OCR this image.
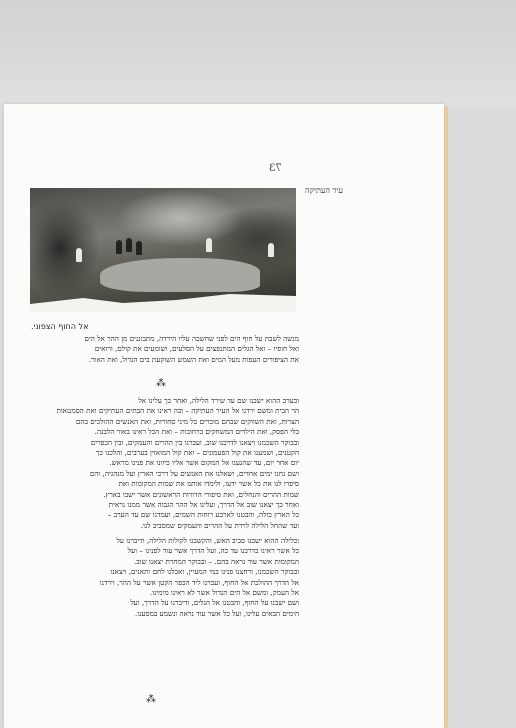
73
עיר העתיקה
אל החוף הצפוני.

מנשה לשבת על חוף הים לפני שחשכה עליו הירדה, מתבוננים מן ההר אל הים

ואל חופיו – ואל הגלים המתנפצים על הסלעים, ושומעים את קולם, ורואים

את הציפורים העפות מעל המים ואת השמש השוקעת בים הגדול, ואת האור.

⁂

ובערב ההוא ישבנו שם עד שירד הלילה, ואחר כך עלינו אל

הר הבית ומשם ירדנו אל העיר העתיקה – ובה ראינו את הבתים העתיקים ואת הסמטאות

הצרות, ואת השווקים שבהם מוכרים כל מיני סחורות, ואת האנשים ההולכים בהם

בלי הפסק, ואת הילדים המשחקים ברחובות – ואת הכל ראינו באור הלבנה.

ובבוקר השכמנו ויצאנו לדרכנו שוב, ועברנו בין ההרים והעמקים, ובין הכפרים

הקטנים, ושמענו את קול הפעמונים – ואת קול המואזין בערבים, והלכנו כך

יום אחר יום, עד שהגענו אל המקום אשר אליו כיוונו את פנינו מראש.

ושם נחנו ימים אחדים, ושאלנו את האנשים על דרכי הארץ ועל מנהגיה, והם

סיפרו לנו את כל אשר ידעו, ולימדו אותנו את שמות המקומות ואת

שמות ההרים והנחלים, ואת סיפורי הדורות הראשונים אשר ישבו בארץ.

ואחר כך יצאנו שוב אל הדרך, ועלינו אל ההר הגבוה אשר ממנו נראית

כל הארץ כולה, והבטנו לארבע רוחות השמים, ועמדנו שם עד הערב –

ועד שהחל הלילה לרדת על ההרים והעמקים שמסביב לנו.

ובלילה ההוא ישבנו סביב האש, והקשבנו לקולות הלילה, ודיברנו על

כל אשר ראינו בדרכנו עד כה, ועל הדרך אשר עוד לפנינו – ועל

המקומות אשר עוד נראה בהם. – ובבוקר המחרת יצאנו שוב.

ובבוקר השכמנו, ורחצנו פנינו במי המעיין, ואכלנו לחם ותאנים, ויצאנו

אל הדרך ההולכת אל החוף, ועברנו ליד הכפר הקטן אשר על ההר, וירדנו

אל העמק, ומשם אל הים הגדול אשר לא ראינו מימינו.

ושם ישבנו על החוף, והבטנו אל הגלים, ודיברנו על הדרך, ועל

הימים הבאים עלינו, ועל כל אשר עוד נראה ונשמע במסענו.

⁂
